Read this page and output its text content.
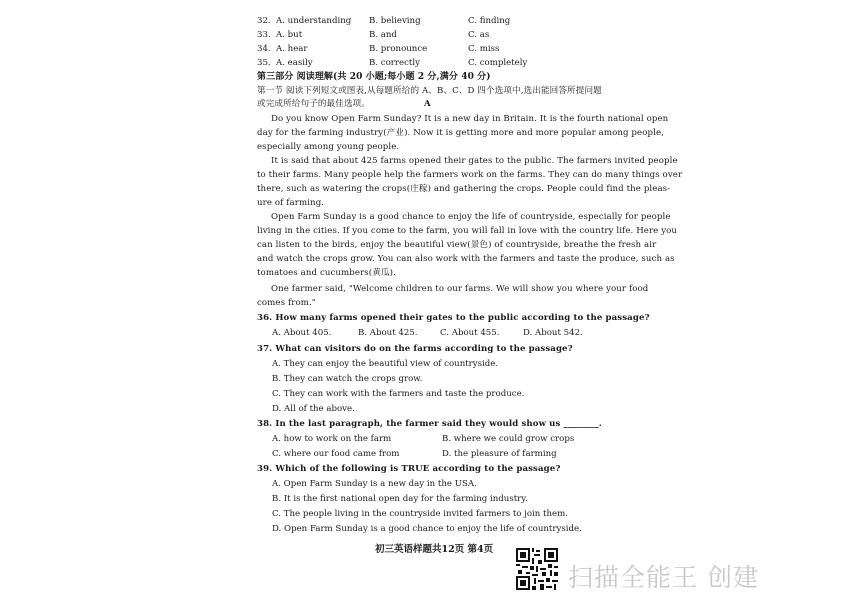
32. A. understanding B. believing	C. finding
33. A. but	B. and	C. as
34. A. hear	B. pronounce	C. miss
35. A. easily	B. correctly	C. completely
第三部分 阅读理解(共 20 小题;每小题 2 分,满分 40 分)
第一节 阅读下列短文或图表,从每题所给的 A、B、C、D 四个选项中,选出能回答所提问题
或完成所给句子的最佳选项。	A
Do you know Open Farm Sunday? It is a new day in Britain. It is the fourth national open
day for the farming industry(产业). Now it is getting more and more popular among people,
especially among young people.
It is said that about 425 farms opened their gates to the public. The farmers invited people
to their farms. Many people help the farmers work on the farms. They can do many things over
there, such as watering the crops(庄稼) and gathering the crops. People could find the pleas-
ure of farming.
Open Farm Sunday is a good chance to enjoy the life of countryside, especially for people
living in the cities. If you come to the farm, you will fall in love with the country life. Here you
can listen to the birds, enjoy the beautiful view(景色) of countryside, breathe the fresh air
and watch the crops grow. You can also work with the farmers and taste the produce, such as
tomatoes and cucumbers(黄瓜).
One farmer said, "Welcome children to our farms. We will show you where your food
comes from."
36. How many farms opened their gates to the public according to the passage?
A. About 405.	B. About 425.	C. About 455.	D. About 542.
37. What can visitors do on the farms according to the passage?
A. They can enjoy the beautiful view of countryside.
B. They can watch the crops grow.
C. They can work with the farmers and taste the produce.
D. All of the above.
38. In the last paragraph, the farmer said they would show us ________.
A. how to work on the farm	B. where we could grow crops
C. where our food came from	D. the pleasure of farming
39. Which of the following is TRUE according to the passage?
A. Open Farm Sunday is a new day in the USA.
B. It is the first national open day for the farming industry.
C. The people living in the countryside invited farmers to join them.
D. Open Farm Sunday is a good chance to enjoy the life of countryside.
初三英语样题共12页 第4页
扫描全能王 创建
